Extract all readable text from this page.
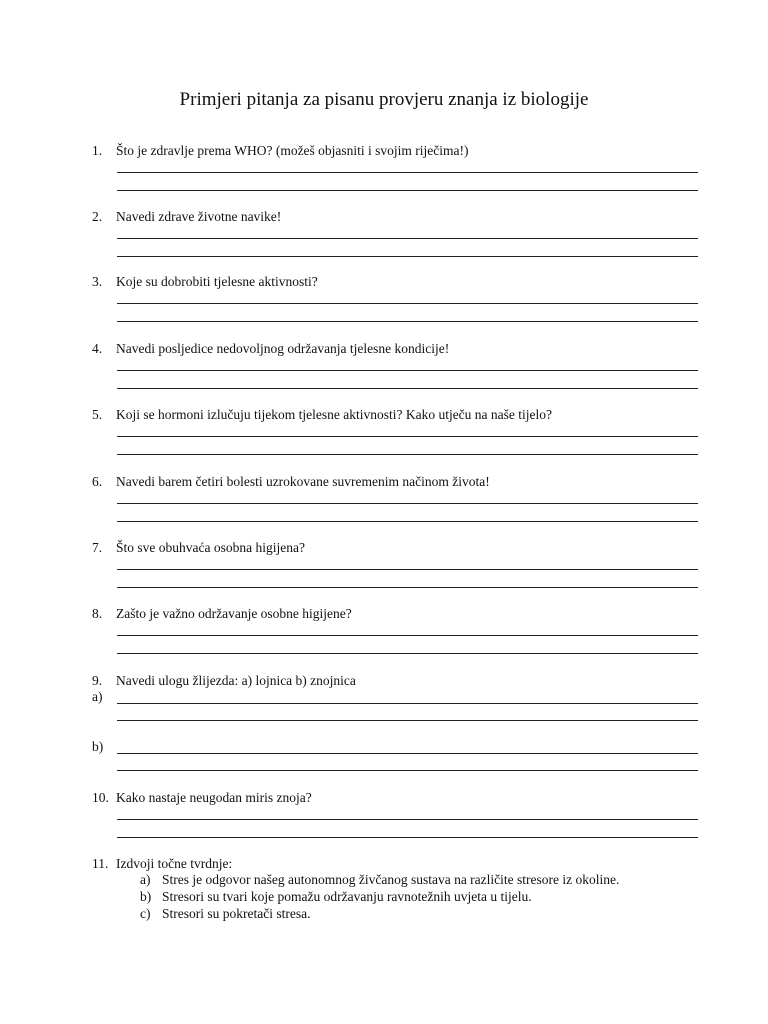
Primjeri pitanja za pisanu provjeru znanja iz biologije
1. Što je zdravlje prema WHO? (možeš objasniti i svojim riječima!)
2. Navedi zdrave životne navike!
3. Koje su dobrobiti tjelesne aktivnosti?
4. Navedi posljedice nedovoljnog održavanja tjelesne kondicije!
5. Koji se hormoni izlučuju tijekom tjelesne aktivnosti? Kako utječu na naše tijelo?
6. Navedi barem četiri bolesti uzrokovane suvremenim načinom života!
7. Što sve obuhvaća osobna higijena?
8. Zašto je važno održavanje osobne higijene?
9. Navedi ulogu žlijezda: a) lojnica b) znojnica
a)
b)
10. Kako nastaje neugodan miris znoja?
11. Izdvoji točne tvrdnje:
a) Stres je odgovor našeg autonomnog živčanog sustava na različite stresore iz okoline.
b) Stresori su tvari koje pomažu održavanju ravnotežnih uvjeta u tijelu.
c) Stresori su pokretači stresa.
